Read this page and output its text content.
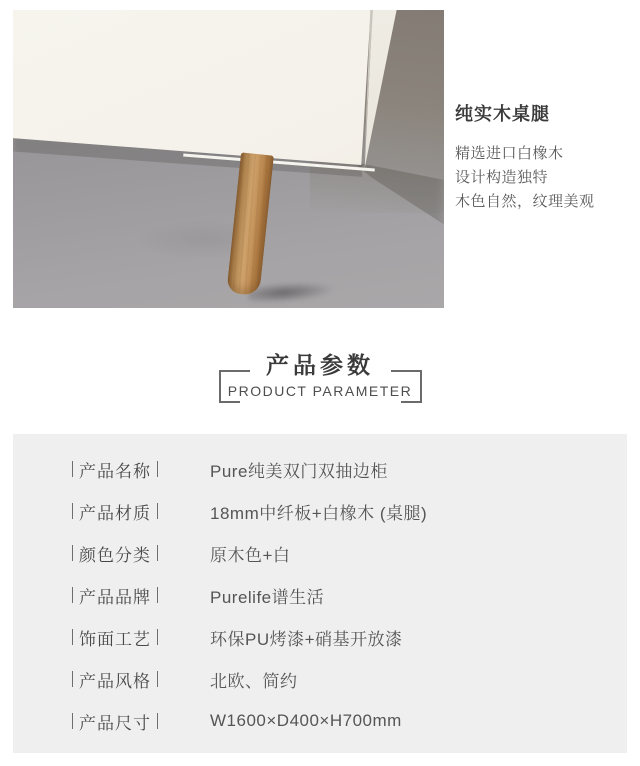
纯实木桌腿

精选进口白橡木

设计构造独特

木色自然，纹理美观

产品参数
PRODUCT PARAMETER
产品名称	Pure纯美双门双抽边柜
产品材质	18mm中纤板+白橡木 (桌腿)
颜色分类	原木色+白
产品品牌	Purelife谱生活
饰面工艺	环保PU烤漆+硝基开放漆
产品风格	北欧、简约
产品尺寸	W1600×D400×H700mm
